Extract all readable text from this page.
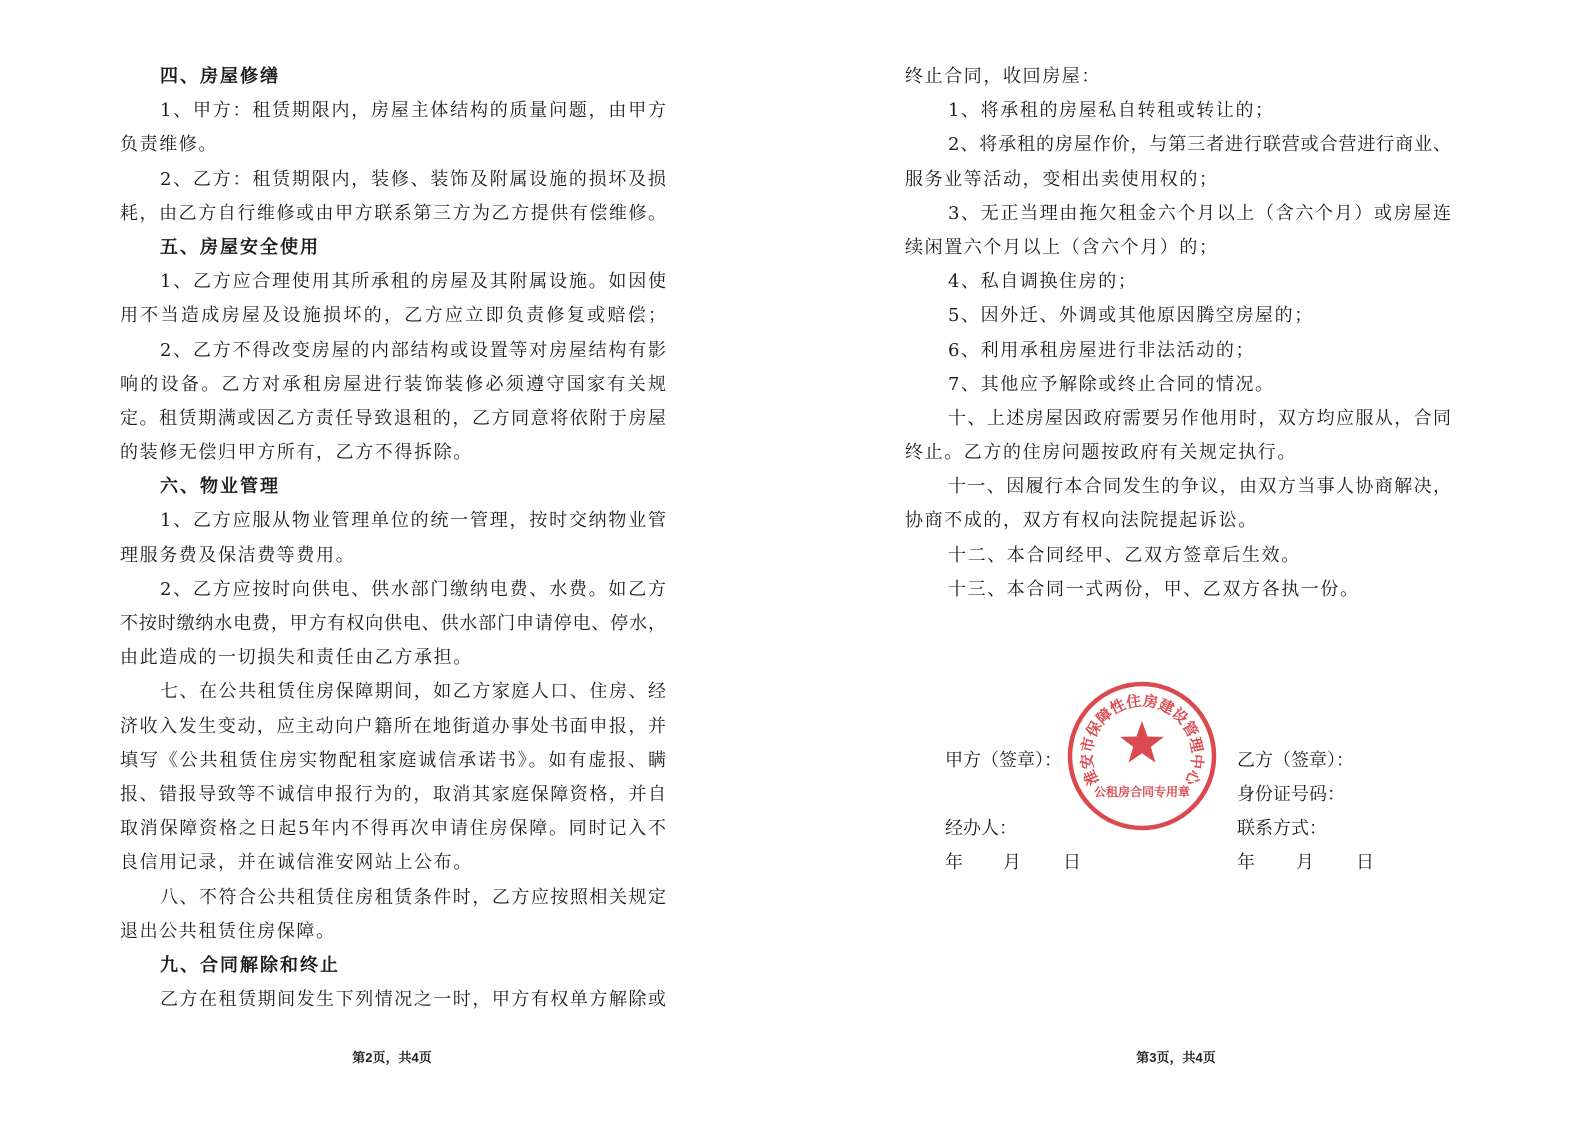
四、房屋修缮
1、甲方：租赁期限内，房屋主体结构的质量问题，由甲方
负责维修。
2、乙方：租赁期限内，装修、装饰及附属设施的损坏及损
耗，由乙方自行维修或由甲方联系第三方为乙方提供有偿维修。
五、房屋安全使用
1、乙方应合理使用其所承租的房屋及其附属设施。如因使
用不当造成房屋及设施损坏的，乙方应立即负责修复或赔偿；
2、乙方不得改变房屋的内部结构或设置等对房屋结构有影
响的设备。乙方对承租房屋进行装饰装修必须遵守国家有关规
定。租赁期满或因乙方责任导致退租的，乙方同意将依附于房屋
的装修无偿归甲方所有，乙方不得拆除。
六、物业管理
1、乙方应服从物业管理单位的统一管理，按时交纳物业管
理服务费及保洁费等费用。
2、乙方应按时向供电、供水部门缴纳电费、水费。如乙方
不按时缴纳水电费，甲方有权向供电、供水部门申请停电、停水，
由此造成的一切损失和责任由乙方承担。
七、在公共租赁住房保障期间，如乙方家庭人口、住房、经
济收入发生变动，应主动向户籍所在地街道办事处书面申报，并
填写《公共租赁住房实物配租家庭诚信承诺书》。如有虚报、瞒
报、错报导致等不诚信申报行为的，取消其家庭保障资格，并自
取消保障资格之日起5年内不得再次申请住房保障。同时记入不
良信用记录，并在诚信淮安网站上公布。
八、不符合公共租赁住房租赁条件时，乙方应按照相关规定
退出公共租赁住房保障。
九、合同解除和终止
乙方在租赁期间发生下列情况之一时，甲方有权单方解除或
第2页，共4页
终止合同，收回房屋：
1、将承租的房屋私自转租或转让的；
2、将承租的房屋作价，与第三者进行联营或合营进行商业、
服务业等活动，变相出卖使用权的；
3、无正当理由拖欠租金六个月以上（含六个月）或房屋连
续闲置六个月以上（含六个月）的；
4、私自调换住房的；
5、因外迁、外调或其他原因腾空房屋的；
6、利用承租房屋进行非法活动的；
7、其他应予解除或终止合同的情况。
十、上述房屋因政府需要另作他用时，双方均应服从，合同
终止。乙方的住房问题按政府有关规定执行。
十一、因履行本合同发生的争议，由双方当事人协商解决，
协商不成的，双方有权向法院提起诉讼。
十二、本合同经甲、乙双方签章后生效。
十三、本合同一式两份，甲、乙双方各执一份。
甲方（签章）：
经办人：
年 月 日
乙方（签章）：
身份证号码：
联系方式：
年 月 日
淮安市保障性住房建设管理中心
公租房合同专用章
第3页，共4页
